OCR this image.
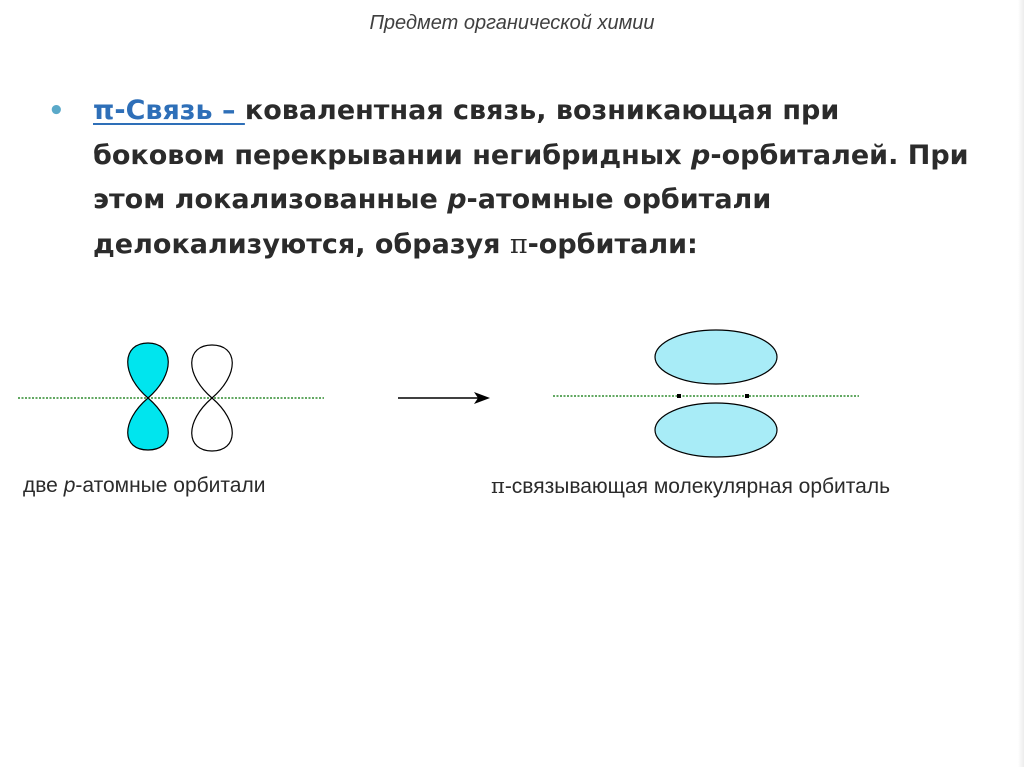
Предмет органической химии
• π-Связь – ковалентная связь, возникающая при боковом перекрывании негибридных р-орбиталей. При этом локализованные р-атомные орбитали делокализуются, образуя π-орбитали:
две р-атомные орбитали	π-связывающая молекулярная орбиталь
